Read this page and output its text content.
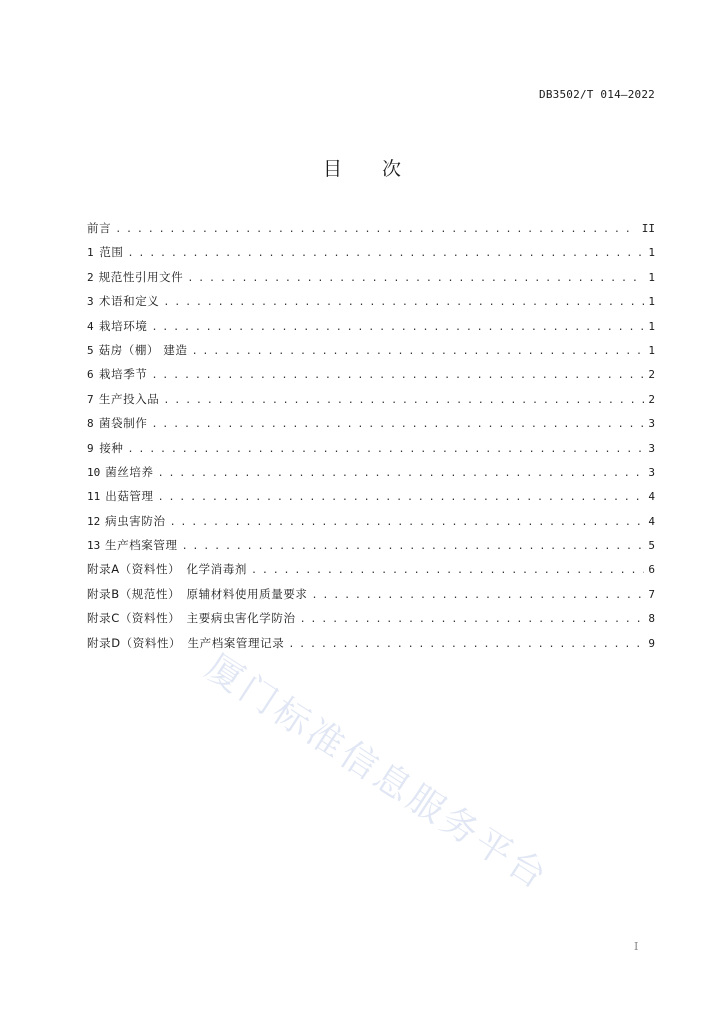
DB3502/T 014—2022
目 次
前言 . . .	II
1 范围 . . .	1
2 规范性引用文件 . . .	1
3 术语和定义 . . .	1
4 栽培环境 . . .	1
5 菇房（棚） 建造 . . .	1
6 栽培季节 . . .	2
7 生产投入品 . . .	2
8 菌袋制作 . . .	3
9 接种 . . .	3
10 菌丝培养 . . .	3
11 出菇管理 . . .	4
12 病虫害防治 . . .	4
13 生产档案管理 . . .	5
附录A（资料性）　化学消毒剂 . . .	6
附录B（规范性）　原辅材料使用质量要求 . . .	7
附录C（资料性）　主要病虫害化学防治 . . .	8
附录D（资料性）　生产档案管理记录 . . .	9
厦门标准信息服务平台
I
